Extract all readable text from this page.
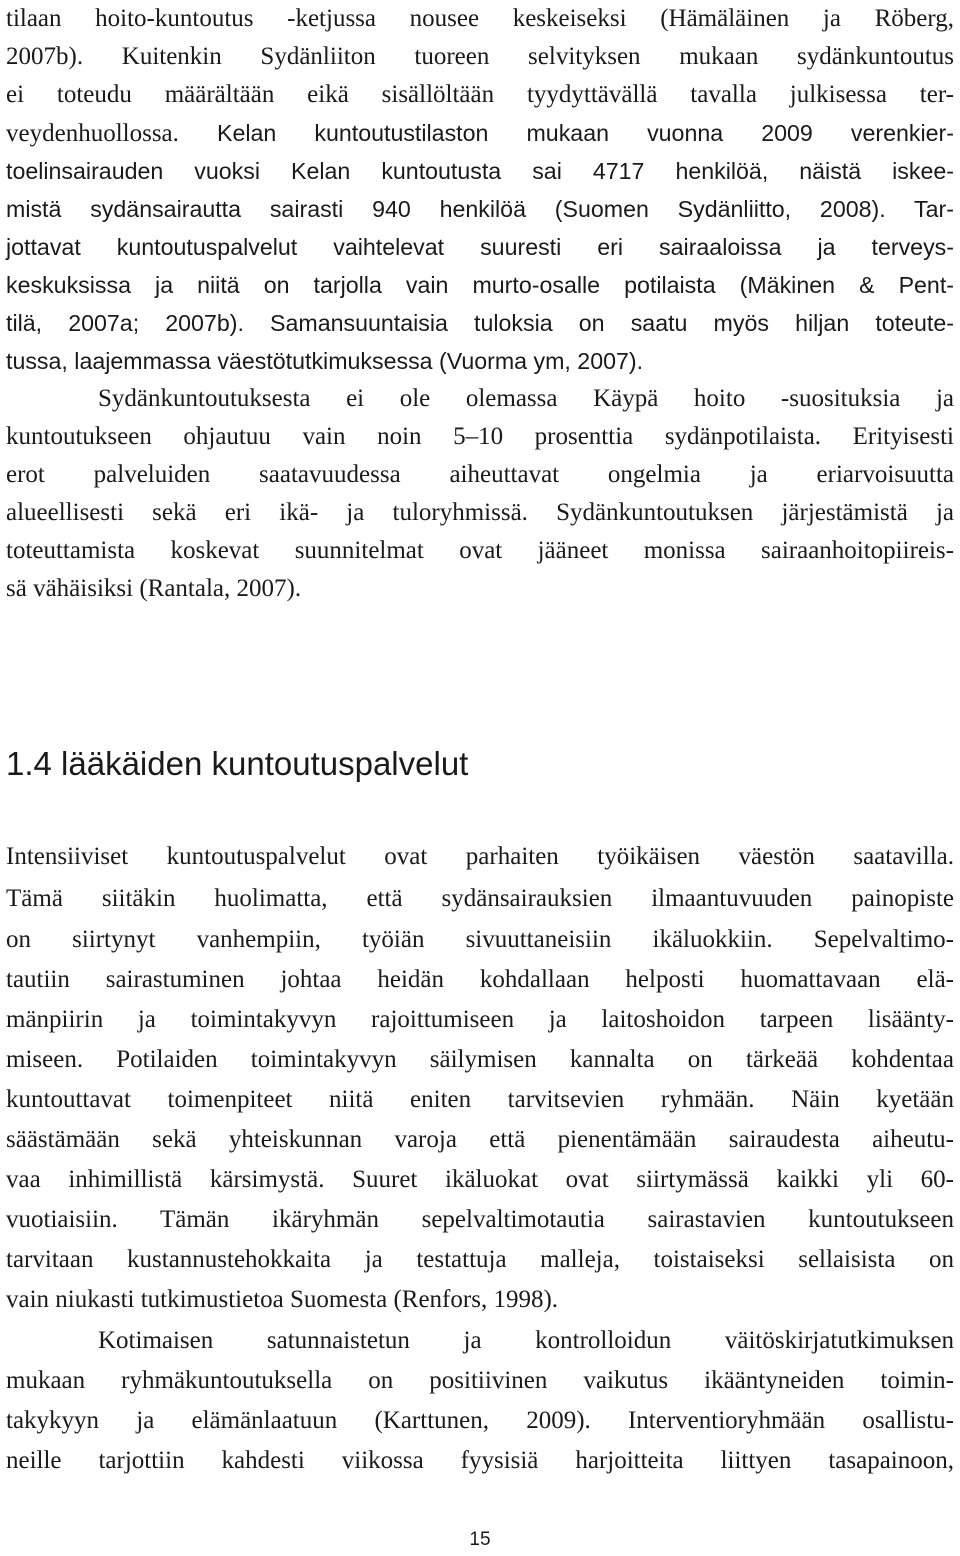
tilaan hoito-kuntoutus -ketjussa nousee keskeiseksi (Hämäläinen ja Röberg,
2007b). Kuitenkin Sydänliiton tuoreen selvityksen mukaan sydänkuntoutus
ei toteudu määrältään eikä sisällöltään tyydyttävällä tavalla julkisessa ter-
veydenhuollossa. Kelan kuntoutustilaston mukaan vuonna 2009 verenkier-
toelinsairauden vuoksi Kelan kuntoutusta sai 4717 henkilöä, näistä iskee-
mistä sydänsairautta sairasti 940 henkilöä (Suomen Sydänliitto, 2008). Tar-
jottavat kuntoutuspalvelut vaihtelevat suuresti eri sairaaloissa ja terveys-
keskuksissa ja niitä on tarjolla vain murto-osalle potilaista (Mäkinen & Pent-
tilä, 2007a; 2007b). Samansuuntaisia tuloksia on saatu myös hiljan toteute-
tussa, laajemmassa väestötutkimuksessa (Vuorma ym, 2007).
Sydänkuntoutuksesta ei ole olemassa Käypä hoito -suosituksia ja
kuntoutukseen ohjautuu vain noin 5–10 prosenttia sydänpotilaista. Erityisesti
erot palveluiden saatavuudessa aiheuttavat ongelmia ja eriarvoisuutta
alueellisesti sekä eri ikä- ja tuloryhmissä. Sydänkuntoutuksen järjestämistä ja
toteuttamista koskevat suunnitelmat ovat jääneet monissa sairaanhoitopiireis-
sä vähäisiksi (Rantala, 2007).
1.4 lääkäiden kuntoutuspalvelut
Intensiiviset kuntoutuspalvelut ovat parhaiten työikäisen väestön saatavilla.
Tämä siitäkin huolimatta, että sydänsairauksien ilmaantuvuuden painopiste
on siirtynyt vanhempiin, työiän sivuuttaneisiin ikäluokkiin. Sepelvaltimo-
tautiin sairastuminen johtaa heidän kohdallaan helposti huomattavaan elä-
mänpiirin ja toimintakyvyn rajoittumiseen ja laitoshoidon tarpeen lisäänty-
miseen. Potilaiden toimintakyvyn säilymisen kannalta on tärkeää kohdentaa
kuntouttavat toimenpiteet niitä eniten tarvitsevien ryhmään. Näin kyetään
säästämään sekä yhteiskunnan varoja että pienentämään sairaudesta aiheutu-
vaa inhimillistä kärsimystä. Suuret ikäluokat ovat siirtymässä kaikki yli 60-
vuotiaisiin. Tämän ikäryhmän sepelvaltimotautia sairastavien kuntoutukseen
tarvitaan kustannustehokkaita ja testattuja malleja, toistaiseksi sellaisista on
vain niukasti tutkimustietoa Suomesta (Renfors, 1998).
Kotimaisen satunnaistetun ja kontrolloidun väitöskirjatutkimuksen
mukaan ryhmäkuntoutuksella on positiivinen vaikutus ikääntyneiden toimin-
takykyyn ja elämänlaatuun (Karttunen, 2009). Interventioryhmään osallistu-
neille tarjottiin kahdesti viikossa fyysisiä harjoitteita liittyen tasapainoon,
15
